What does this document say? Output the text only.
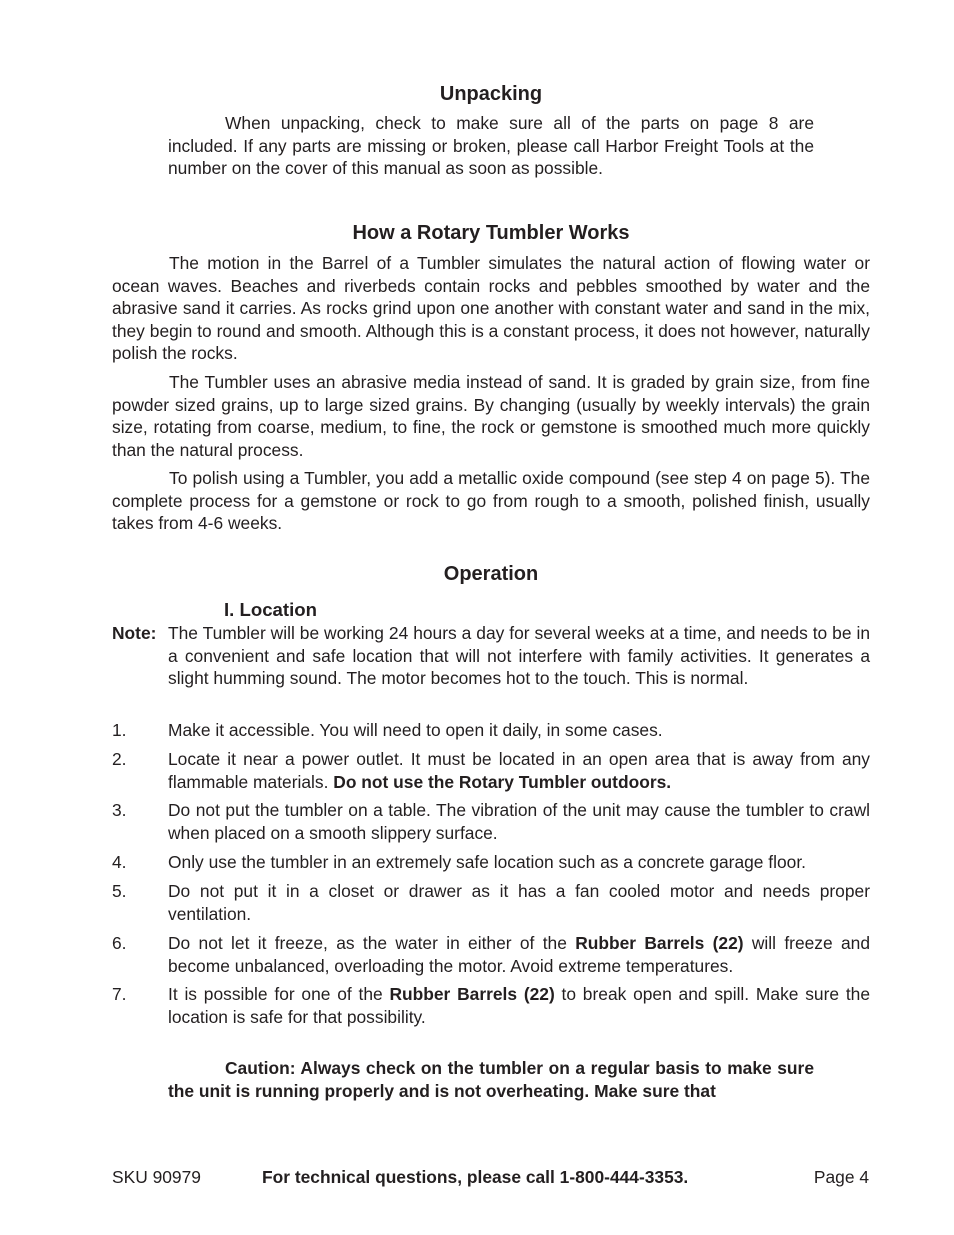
Unpacking

When unpacking, check to make sure all of the parts on page 8 are included. If any parts are missing or broken, please call Harbor Freight Tools at the number on the cover of this manual as soon as possible.

How a Rotary Tumbler Works

The motion in the Barrel of a Tumbler simulates the natural action of flowing water or ocean waves. Beaches and riverbeds contain rocks and pebbles smoothed by water and the abrasive sand it carries. As rocks grind upon one another with constant water and sand in the mix, they begin to round and smooth. Although this is a constant process, it does not however, naturally polish the rocks.

The Tumbler uses an abrasive media instead of sand. It is graded by grain size, from fine powder sized grains, up to large sized grains. By changing (usually by weekly intervals) the grain size, rotating from coarse, medium, to fine, the rock or gemstone is smoothed much more quickly than the natural process.

To polish using a Tumbler, you add a metallic oxide compound (see step 4 on page 5). The complete process for a gemstone or rock to go from rough to a smooth, polished finish, usually takes from 4-6 weeks.

Operation
I. Location
Note: The Tumbler will be working 24 hours a day for several weeks at a time, and needs to be in a convenient and safe location that will not interfere with family activities. It generates a slight humming sound. The motor becomes hot to the touch. This is normal.
1. Make it accessible. You will need to open it daily, in some cases.
2. Locate it near a power outlet. It must be located in an open area that is away from any flammable materials. Do not use the Rotary Tumbler outdoors.
3. Do not put the tumbler on a table. The vibration of the unit may cause the tumbler to crawl when placed on a smooth slippery surface.
4. Only use the tumbler in an extremely safe location such as a concrete garage floor.
5. Do not put it in a closet or drawer as it has a fan cooled motor and needs proper ventilation.
6. Do not let it freeze, as the water in either of the Rubber Barrels (22) will freeze and become unbalanced, overloading the motor. Avoid extreme temperatures.
7. It is possible for one of the Rubber Barrels (22) to break open and spill. Make sure the location is safe for that possibility.

Caution: Always check on the tumbler on a regular basis to make sure the unit is running properly and is not overheating. Make sure that

SKU 90979	For technical questions, please call 1-800-444-3353.	Page 4
